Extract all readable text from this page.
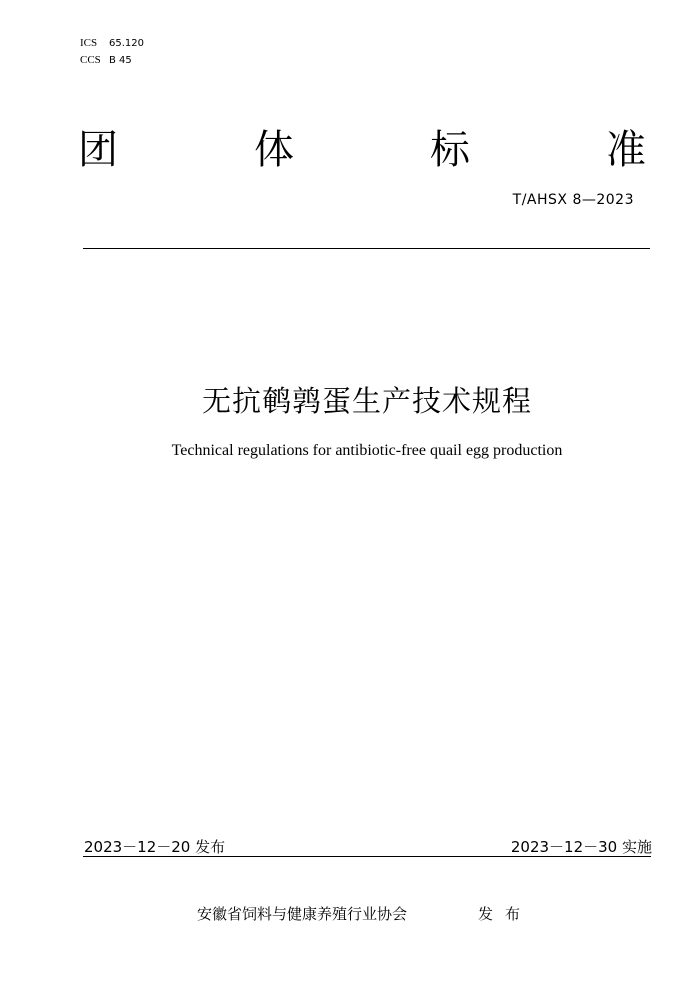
ICS 65.120
CCS B 45
团	体	标	准
T/AHSX 8—2023
无抗鹌鹑蛋生产技术规程
Technical regulations for antibiotic-free quail egg production
2023－12－20 发布	2023－12－30 实施
安徽省饲料与健康养殖行业协会	发布
